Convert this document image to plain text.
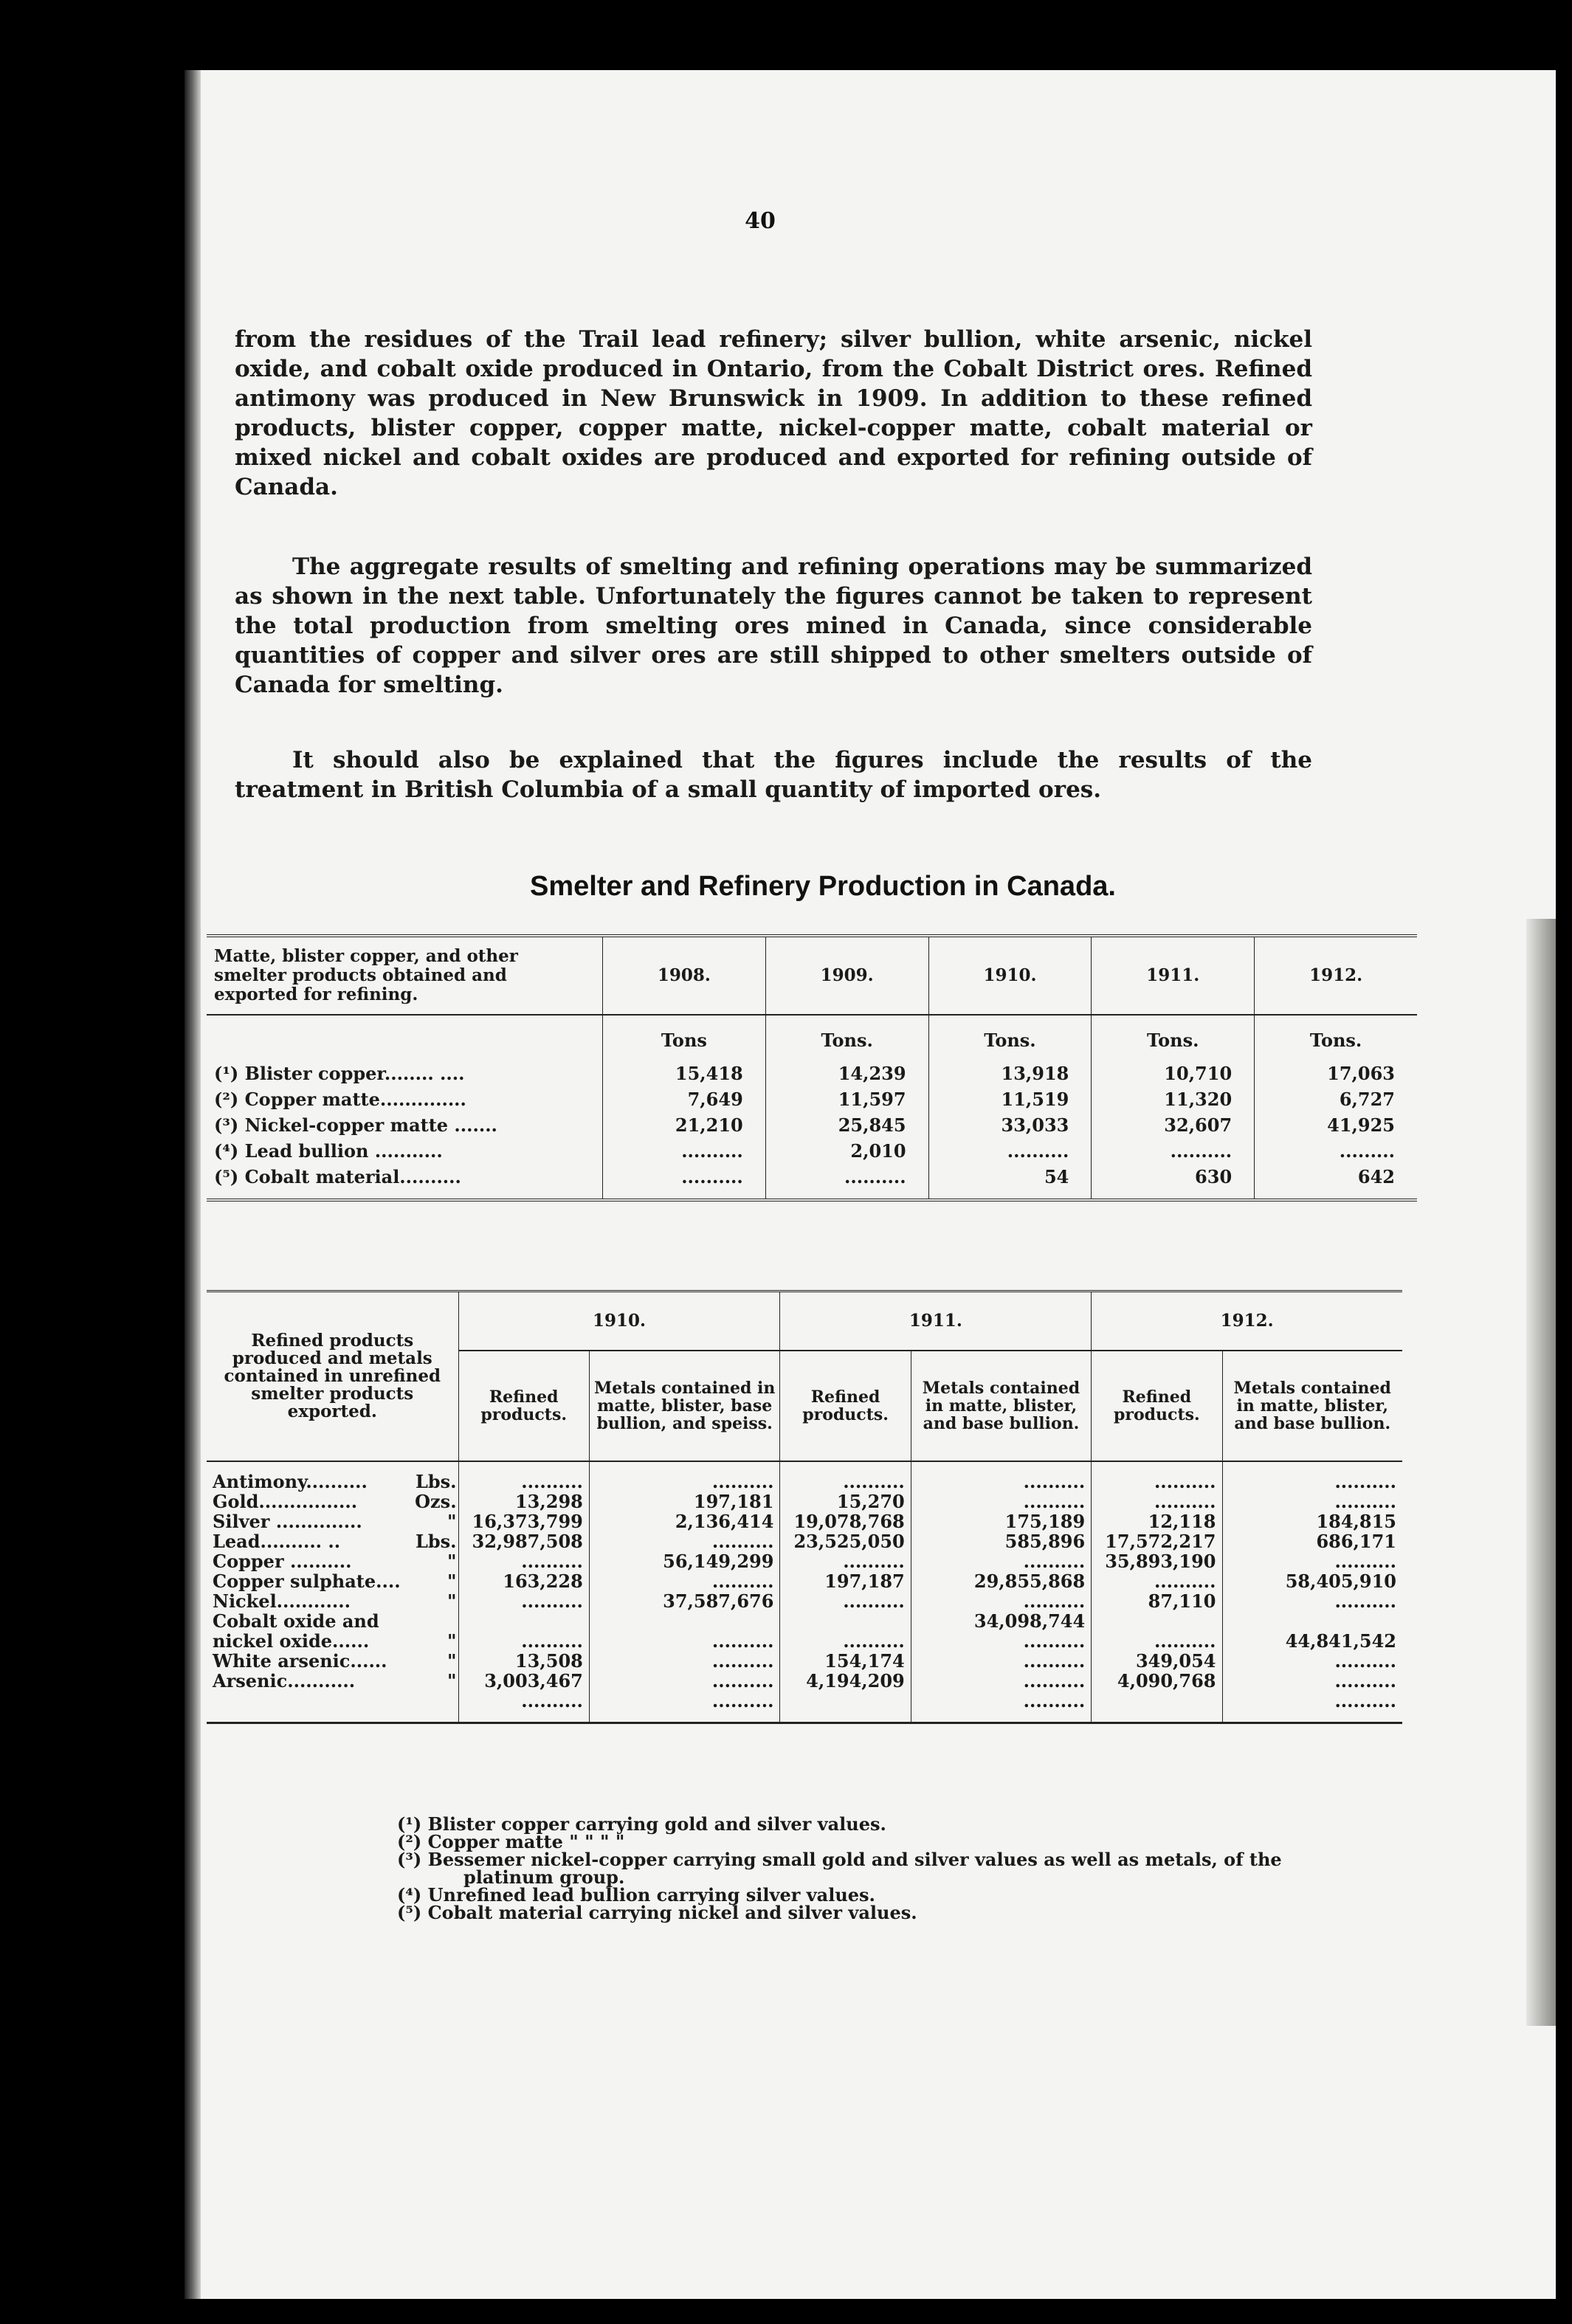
40

from the residues of the Trail lead refinery; silver bullion, white arsenic, nickel oxide, and cobalt oxide produced in Ontario, from the Cobalt District ores. Refined antimony was produced in New Brunswick in 1909. In addition to these refined products, blister copper, copper matte, nickel-copper matte, cobalt material or mixed nickel and cobalt oxides are produced and exported for refining outside of Canada.

The aggregate results of smelting and refining operations may be summarized as shown in the next table. Unfortunately the figures cannot be taken to represent the total production from smelting ores mined in Canada, since considerable quantities of copper and silver ores are still shipped to other smelters outside of Canada for smelting.

It should also be explained that the figures include the results of the treatment in British Columbia of a small quantity of imported ores.

Smelter and Refinery Production in Canada.
Matte, blister copper, and other smelter products obtained and exported for refining.	1908.	1909.	1910.	1911.	1912.
	Tons	Tons.	Tons.	Tons.	Tons.
(¹) Blister copper........ ....	15,418	14,239	13,918	10,710	17,063
(²) Copper matte..............	7,649	11,597	11,519	11,320	6,727
(³) Nickel-copper matte .......	21,210	25,845	33,033	32,607	41,925
(⁴) Lead bullion ...........	..........	2,010	..........	..........	.........
(⁵) Cobalt material..........	..........	..........	54	630	642
Refined products produced and metals contained in unrefined smelter products exported.		1910.		1911.		1912.	
		Refined products.	Metals contained in matte, blister, base bullion, and speiss.	Refined products.	Metals contained in matte, blister, and base bullion.	Refined products.	Metals contained in matte, blister, and base bullion.
Antimony..........	Lbs.	..........	..........	..........	..........	..........	..........
Gold................	Ozs.	13,298	197,181	15,270	..........	..........	..........
Silver ..............	"	16,373,799	2,136,414	19,078,768	175,189	12,118	184,815
Lead.......... ..	Lbs.	32,987,508	..........	23,525,050	585,896	17,572,217	686,171
Copper ..........	"	..........	56,149,299	..........	..........	35,893,190	..........
Copper sulphate....	"	163,228	..........	197,187	29,855,868	..........	58,405,910
Nickel............	"	..........	37,587,676	..........	..........	87,110	..........
Cobalt oxide and					34,098,744		
nickel oxide......	"	..........	..........	..........	..........	..........	44,841,542
White arsenic......	"	13,508	..........	154,174	..........	349,054	..........
Arsenic...........	"	3,003,467	..........	4,194,209	..........	4,090,768	..........
		..........	..........		..........		..........
(¹) Blister copper carrying gold and silver values.
(²) Copper matte " " " "
(³) Bessemer nickel-copper carrying small gold and silver values as well as metals, of the
platinum group.
(⁴) Unrefined lead bullion carrying silver values.
(⁵) Cobalt material carrying nickel and silver values.
